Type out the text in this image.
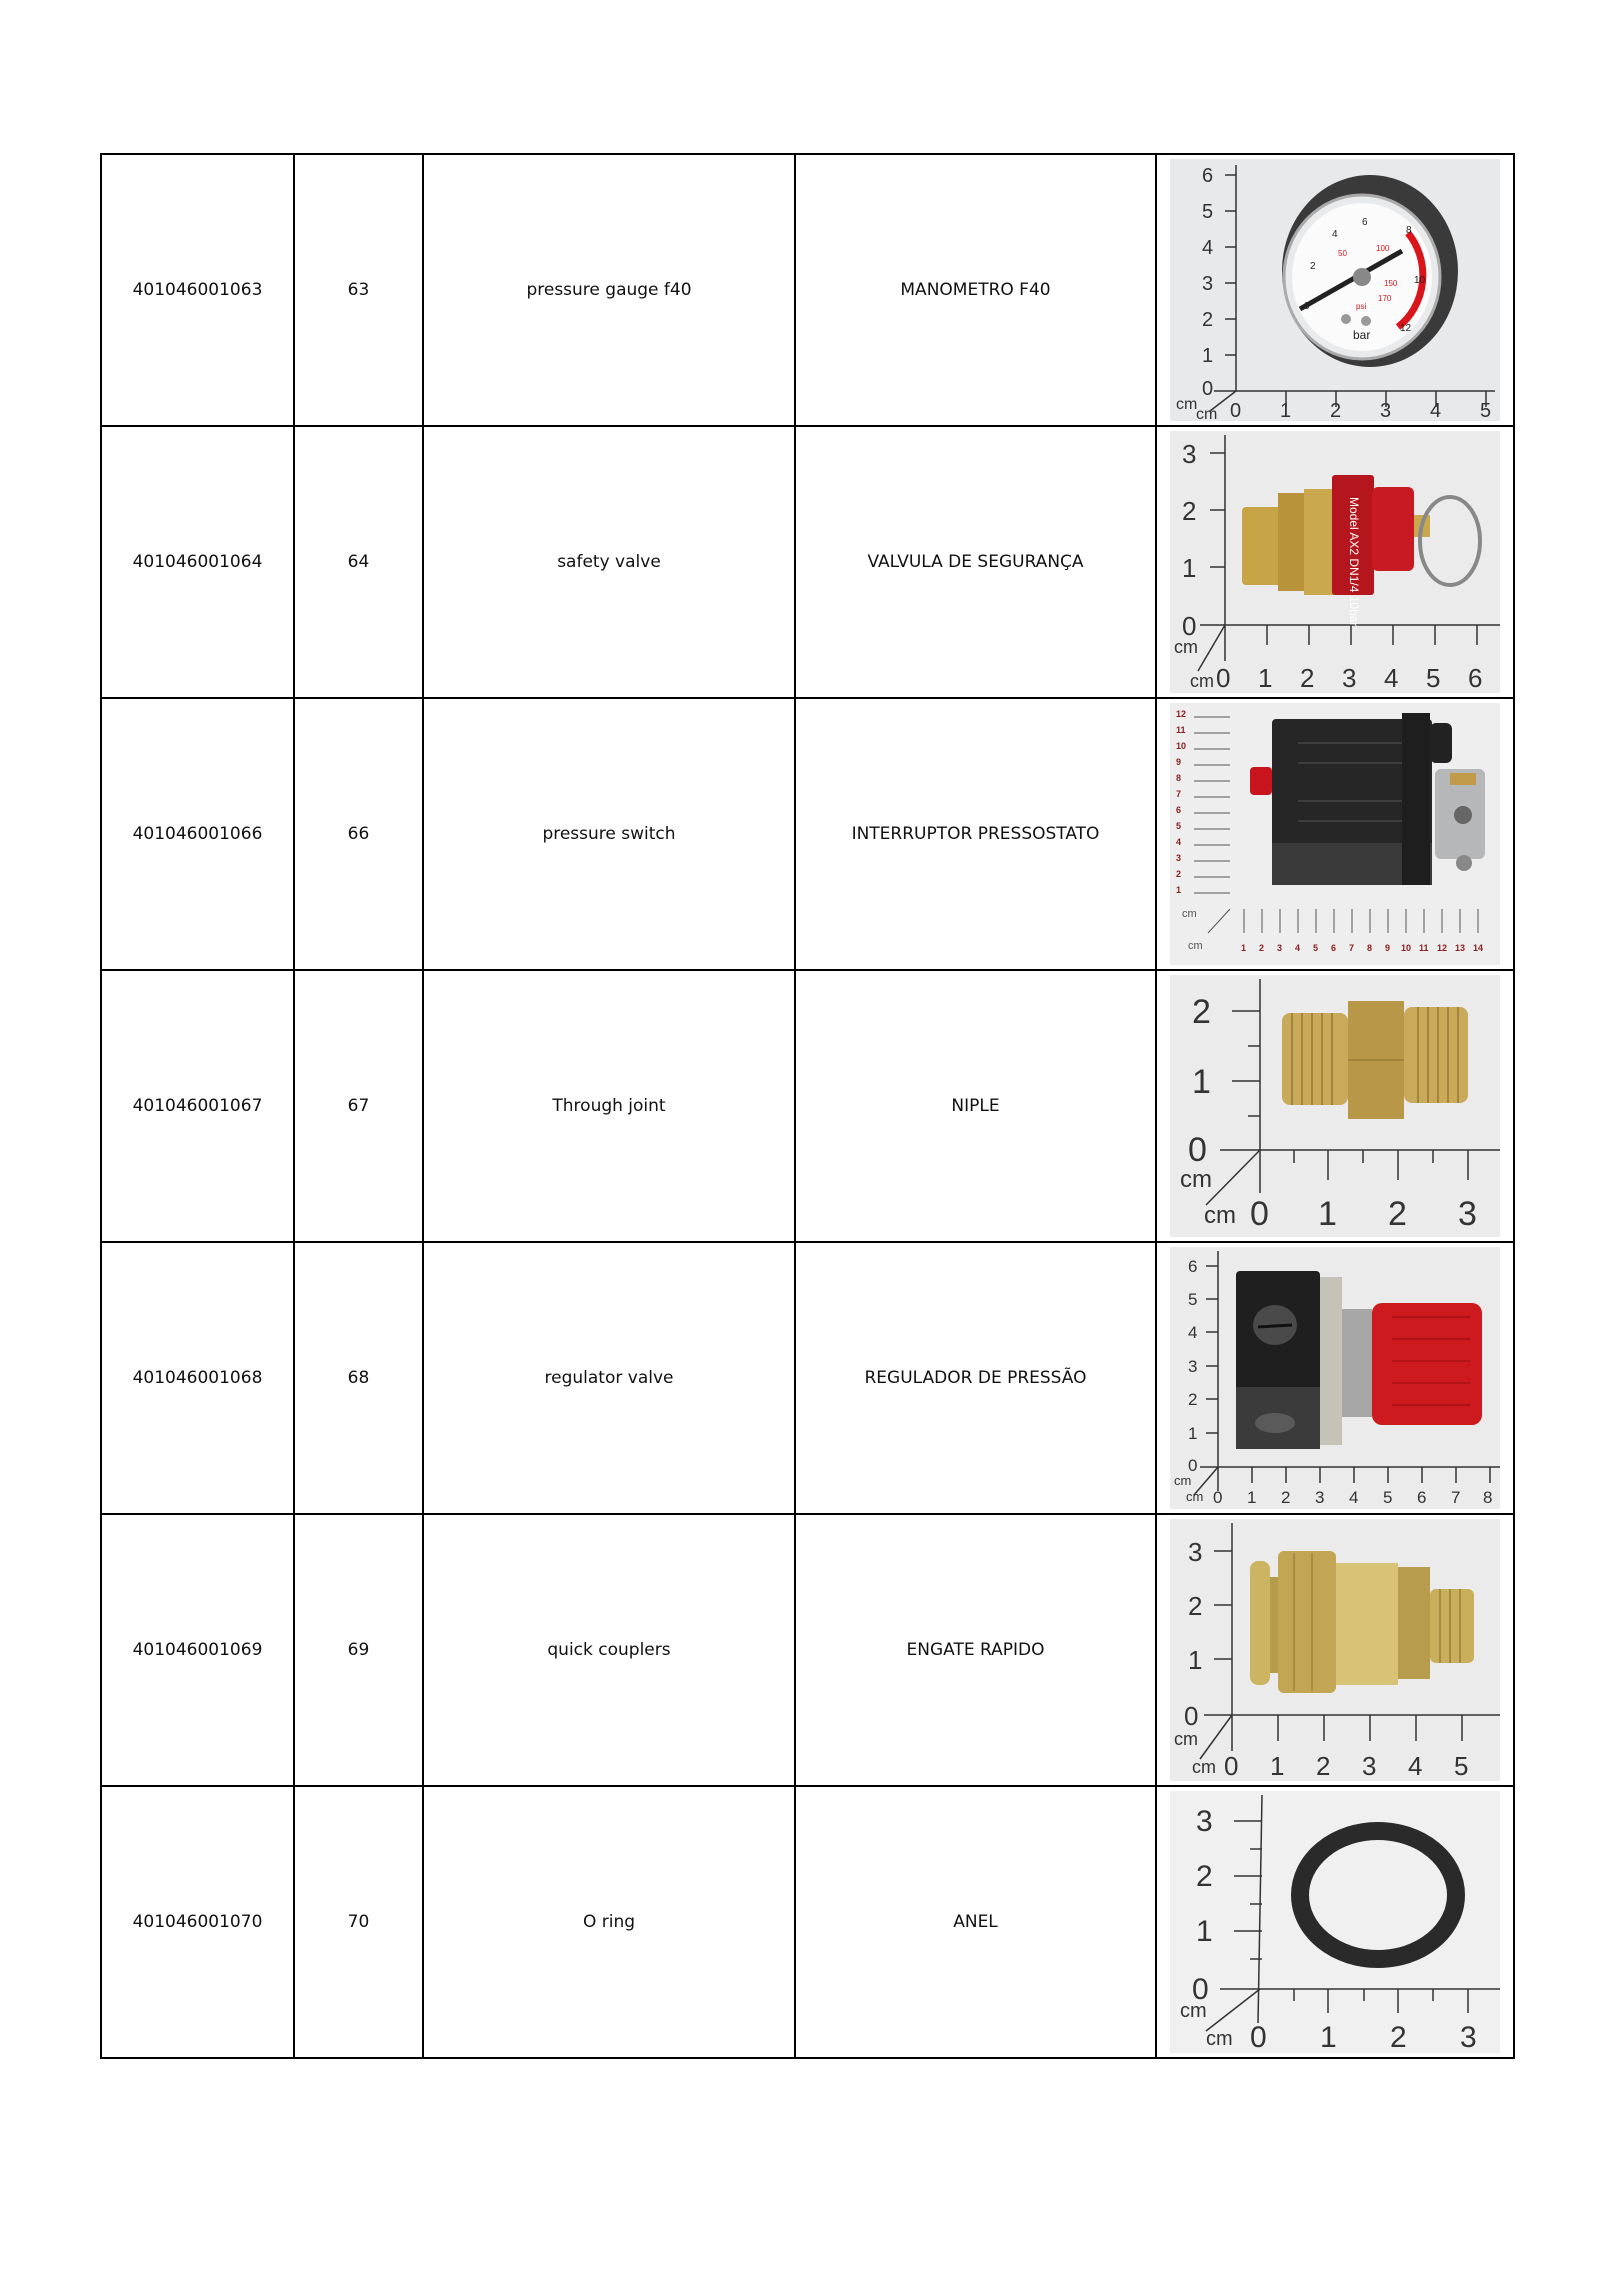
401046001063	63	pressure gauge f40	MANOMETRO F40	
6
5
4
3
2
1
0
0 1 2 3 4 5
cm
cm
0
2
4
6
8
10
12
bar
50
100
150
170
psi

401046001064	64	safety valve	VALVULA DE SEGURANÇA	
3
2
1
0
0 1 2 3 4 5 6
cm
cm
Model AX2 DN1/4 10bar

401046001066	66	pressure switch	INTERRUPTOR PRESSOSTATO	
1
2
3
4
5
6
7
8
9
10
11
12
1 2 3 4 5 6 7 8 9 10 11 12 13 14
cm
cm

401046001067	67	Through joint	NIPLE	
2
1
0
0 1 2 3
cm
cm

401046001068	68	regulator valve	REGULADOR DE PRESSÃO	
6
5
4
3
2
1
0
0 1 2 3 4 5 6 7 8
cm
cm

401046001069	69	quick couplers	ENGATE RAPIDO	
3
2
1
0
0 1 2 3 4 5
cm
cm

401046001070	70	O ring	ANEL	
3
2
1
0
0 1 2 3
cm
cm
